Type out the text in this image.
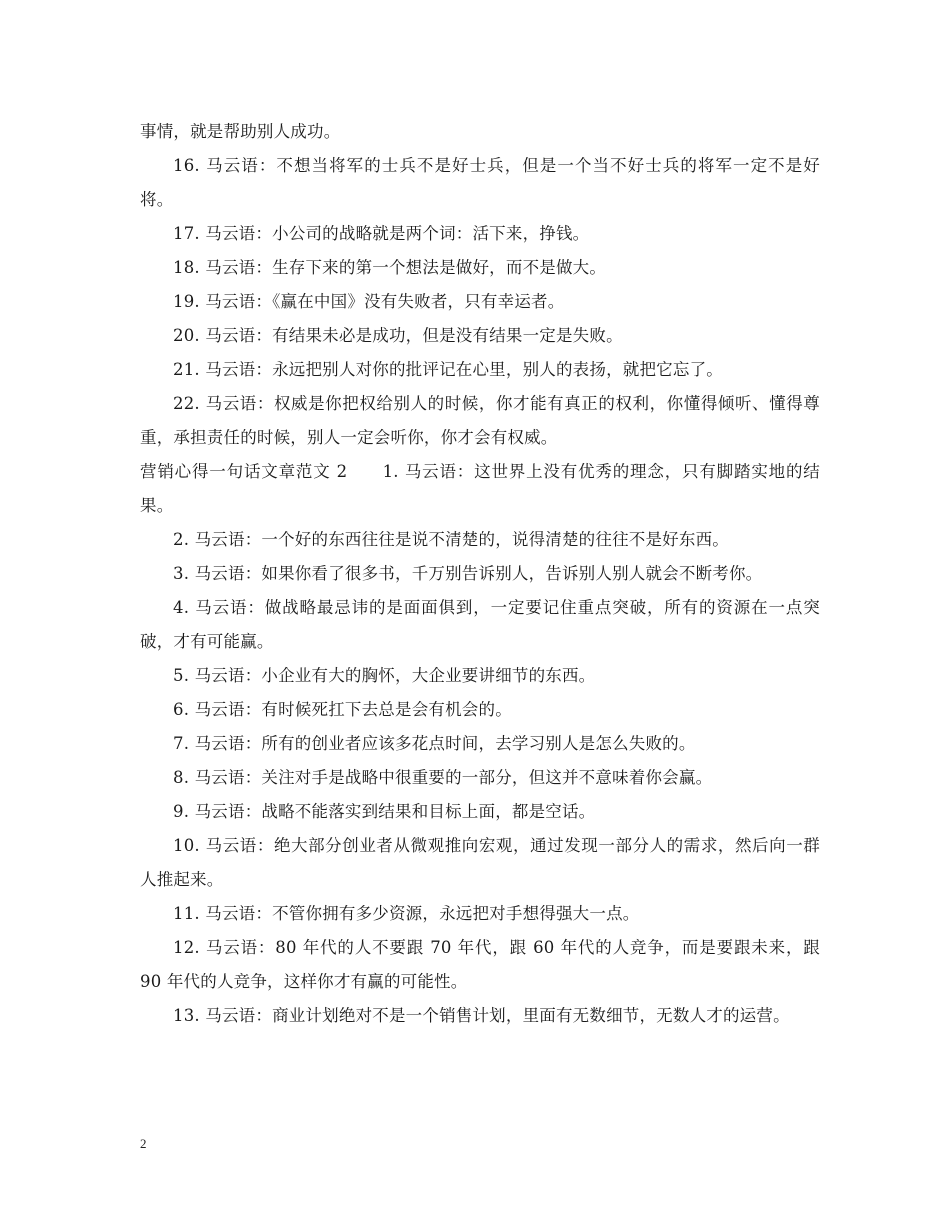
事情，就是帮助别人成功。

16. 马云语：不想当将军的士兵不是好士兵，但是一个当不好士兵的将军一定不是好将。

17. 马云语：小公司的战略就是两个词：活下来，挣钱。

18. 马云语：生存下来的第一个想法是做好，而不是做大。

19. 马云语：《赢在中国》没有失败者，只有幸运者。

20. 马云语：有结果未必是成功，但是没有结果一定是失败。

21. 马云语：永远把别人对你的批评记在心里，别人的表扬，就把它忘了。

22. 马云语：权威是你把权给别人的时候，你才能有真正的权利，你懂得倾听、懂得尊重，承担责任的时候，别人一定会听你，你才会有权威。

营销心得一句话文章范文 2　　1. 马云语：这世界上没有优秀的理念，只有脚踏实地的结果。

2. 马云语：一个好的东西往往是说不清楚的，说得清楚的往往不是好东西。

3. 马云语：如果你看了很多书，千万别告诉别人，告诉别人别人就会不断考你。

4. 马云语：做战略最忌讳的是面面俱到，一定要记住重点突破，所有的资源在一点突破，才有可能赢。

5. 马云语：小企业有大的胸怀，大企业要讲细节的东西。

6. 马云语：有时候死扛下去总是会有机会的。

7. 马云语：所有的创业者应该多花点时间，去学习别人是怎么失败的。

8. 马云语：关注对手是战略中很重要的一部分，但这并不意味着你会赢。

9. 马云语：战略不能落实到结果和目标上面，都是空话。

10. 马云语：绝大部分创业者从微观推向宏观，通过发现一部分人的需求，然后向一群人推起来。

11. 马云语：不管你拥有多少资源，永远把对手想得强大一点。

12. 马云语：80 年代的人不要跟 70 年代，跟 60 年代的人竞争，而是要跟未来，跟 90 年代的人竞争，这样你才有赢的可能性。

13. 马云语：商业计划绝对不是一个销售计划，里面有无数细节，无数人才的运营。

2
